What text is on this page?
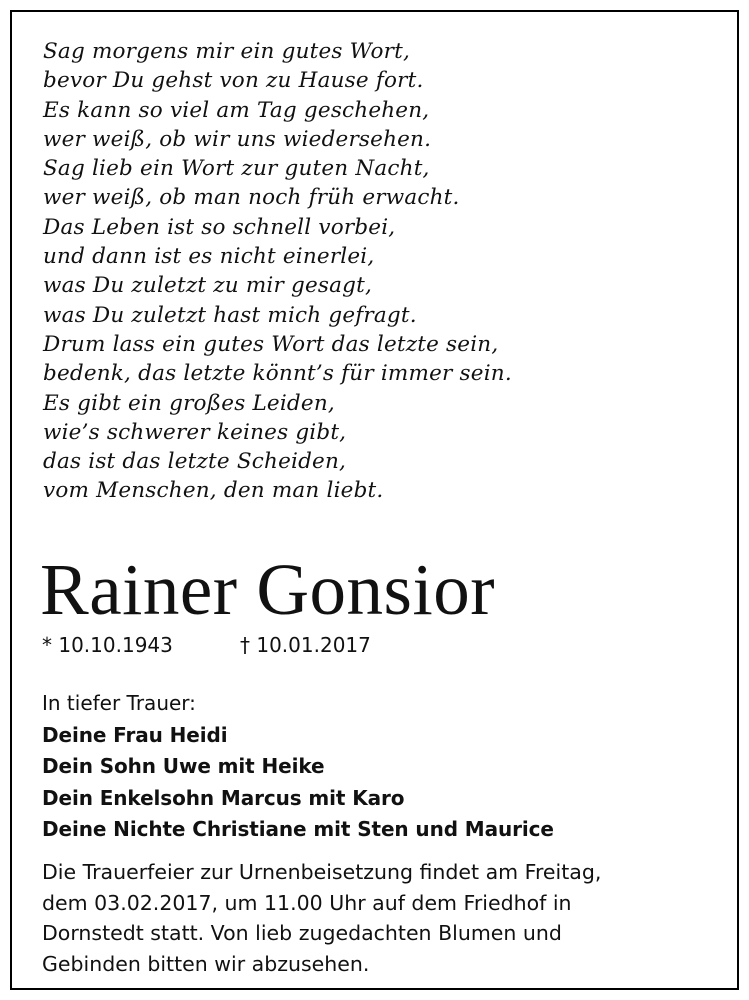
Sag morgens mir ein gutes Wort,
bevor Du gehst von zu Hause fort.
Es kann so viel am Tag geschehen,
wer weiß, ob wir uns wiedersehen.
Sag lieb ein Wort zur guten Nacht,
wer weiß, ob man noch früh erwacht.
Das Leben ist so schnell vorbei,
und dann ist es nicht einerlei,
was Du zuletzt zu mir gesagt,
was Du zuletzt hast mich gefragt.
Drum lass ein gutes Wort das letzte sein,
bedenk, das letzte könnt’s für immer sein.
Es gibt ein großes Leiden,
wie’s schwerer keines gibt,
das ist das letzte Scheiden,
vom Menschen, den man liebt.
Rainer Gonsior
* 10.10.1943	† 10.01.2017
In tiefer Trauer:
Deine Frau Heidi
Dein Sohn Uwe mit Heike
Dein Enkelsohn Marcus mit Karo
Deine Nichte Christiane mit Sten und Maurice
Die Trauerfeier zur Urnenbeisetzung findet am Freitag,
dem 03.02.2017, um 11.00 Uhr auf dem Friedhof in
Dornstedt statt. Von lieb zugedachten Blumen und
Gebinden bitten wir abzusehen.
